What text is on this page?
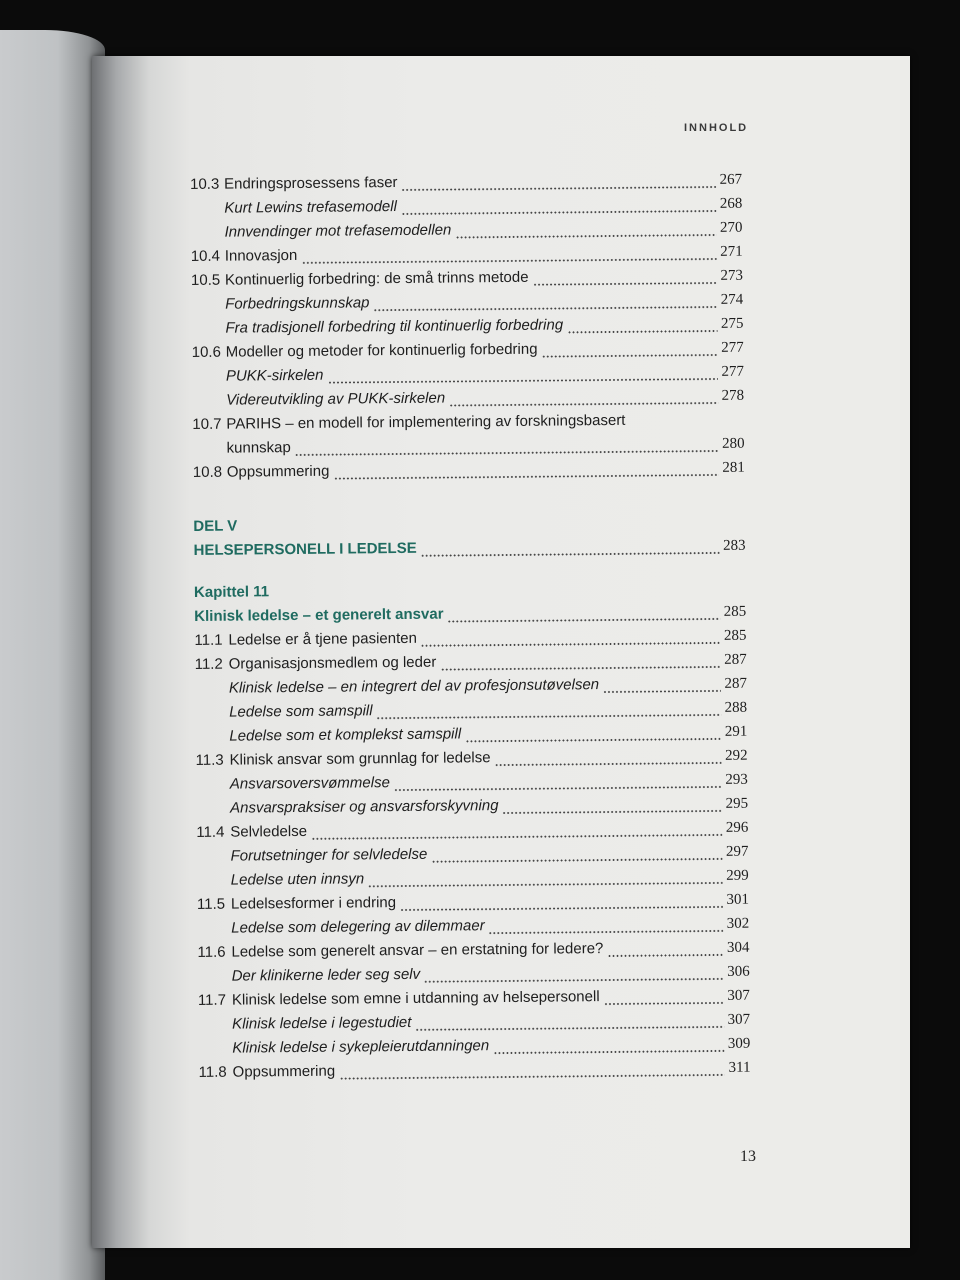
INNHOLD
10.3 Endringsprosessens faser	267
Kurt Lewins trefasemodell	268
Innvendinger mot trefasemodellen	270
10.4 Innovasjon	271
10.5 Kontinuerlig forbedring: de små trinns metode	273
Forbedringskunnskap	274
Fra tradisjonell forbedring til kontinuerlig forbedring	275
10.6 Modeller og metoder for kontinuerlig forbedring	277
PUKK-sirkelen	277
Videreutvikling av PUKK-sirkelen	278
10.7 PARIHS – en modell for implementering av forskningsbasert
kunnskap	280
10.8 Oppsummering	281
DEL V
HELSEPERSONELL I LEDELSE	283
Kapittel 11
Klinisk ledelse – et generelt ansvar	285
11.1 Ledelse er å tjene pasienten	285
11.2 Organisasjonsmedlem og leder	287
Klinisk ledelse – en integrert del av profesjonsutøvelsen	287
Ledelse som samspill	288
Ledelse som et komplekst samspill	291
11.3 Klinisk ansvar som grunnlag for ledelse	292
Ansvarsoversvømmelse	293
Ansvarspraksiser og ansvarsforskyvning	295
11.4 Selvledelse	296
Forutsetninger for selvledelse	297
Ledelse uten innsyn	299
11.5 Ledelsesformer i endring	301
Ledelse som delegering av dilemmaer	302
11.6 Ledelse som generelt ansvar – en erstatning for ledere?	304
Der klinikerne leder seg selv	306
11.7 Klinisk ledelse som emne i utdanning av helsepersonell	307
Klinisk ledelse i legestudiet	307
Klinisk ledelse i sykepleierutdanningen	309
11.8 Oppsummering	311
13
